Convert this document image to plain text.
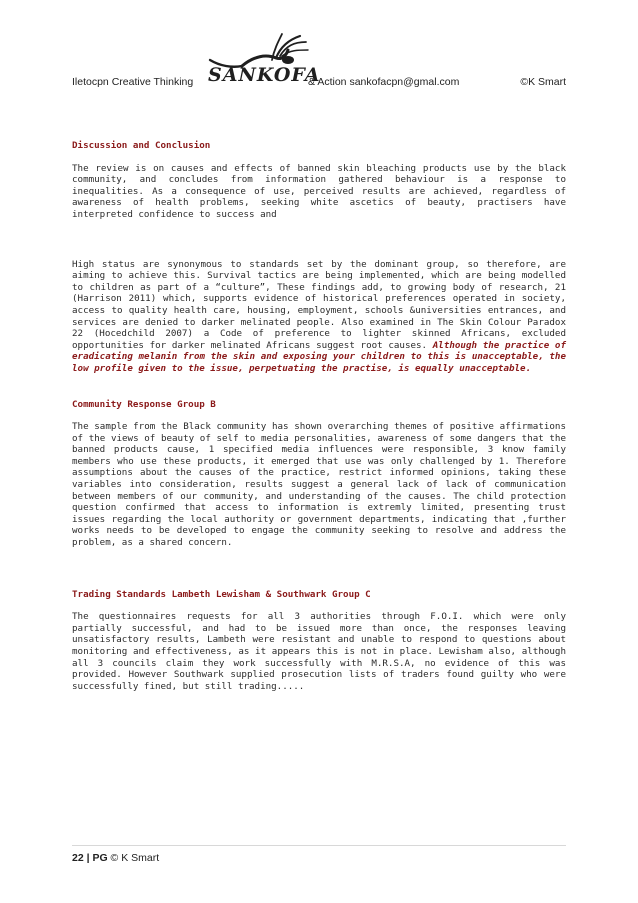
Iletocpn Creative Thinking SANKOFA
& Action sankofacpn@gmal.com	©K Smart
Discussion and Conclusion

The review is on causes and effects of banned skin bleaching products use by the black community, and concludes from information gathered behaviour is a response to inequalities. As a consequence of use, perceived results are achieved, regardless of awareness of health problems, seeking white ascetics of beauty, practisers have interpreted confidence to success and

High status are synonymous to standards set by the dominant group, so therefore, are aiming to achieve this. Survival tactics are being implemented, which are being modelled to children as part of a “culture”, These findings add, to growing body of research, 21 (Harrison 2011) which, supports evidence of historical preferences operated in society, access to quality health care, housing, employment, schools &universities entrances, and services are denied to darker melinated people. Also examined in The Skin Colour Paradox 22 (Hocedchild 2007) a Code of preference to lighter skinned Africans, excluded opportunities for darker melinated Africans suggest root causes. Although the practice of eradicating melanin from the skin and exposing your children to this is unacceptable, the low profile given to the issue, perpetuating the practise, is equally unacceptable.

Community Response Group B

The sample from the Black community has shown overarching themes of positive affirmations of the views of beauty of self to media personalities, awareness of some dangers that the banned products cause, 1 specified media influences were responsible, 3 know family members who use these products, it emerged that use was only challenged by 1. Therefore assumptions about the causes of the practice, restrict informed opinions, taking these variables into consideration, results suggest a general lack of lack of communication between members of our community, and understanding of the causes. The child protection question confirmed that access to information is extremly limited, presenting trust issues regarding the local authority or government departments, indicating that ,further works needs to be developed to engage the community seeking to resolve and address the problem, as a shared concern.

Trading Standards Lambeth Lewisham & Southwark Group C

The questionnaires requests for all 3 authorities through F.O.I. which were only partially successful, and had to be issued more than once, the responses leaving unsatisfactory results, Lambeth were resistant and unable to respond to questions about monitoring and effectiveness, as it appears this is not in place. Lewisham also, although all 3 councils claim they work successfully with M.R.S.A, no evidence of this was provided. However Southwark supplied prosecution lists of traders found guilty who were successfully fined, but still trading.....

22 | PG © K Smart
